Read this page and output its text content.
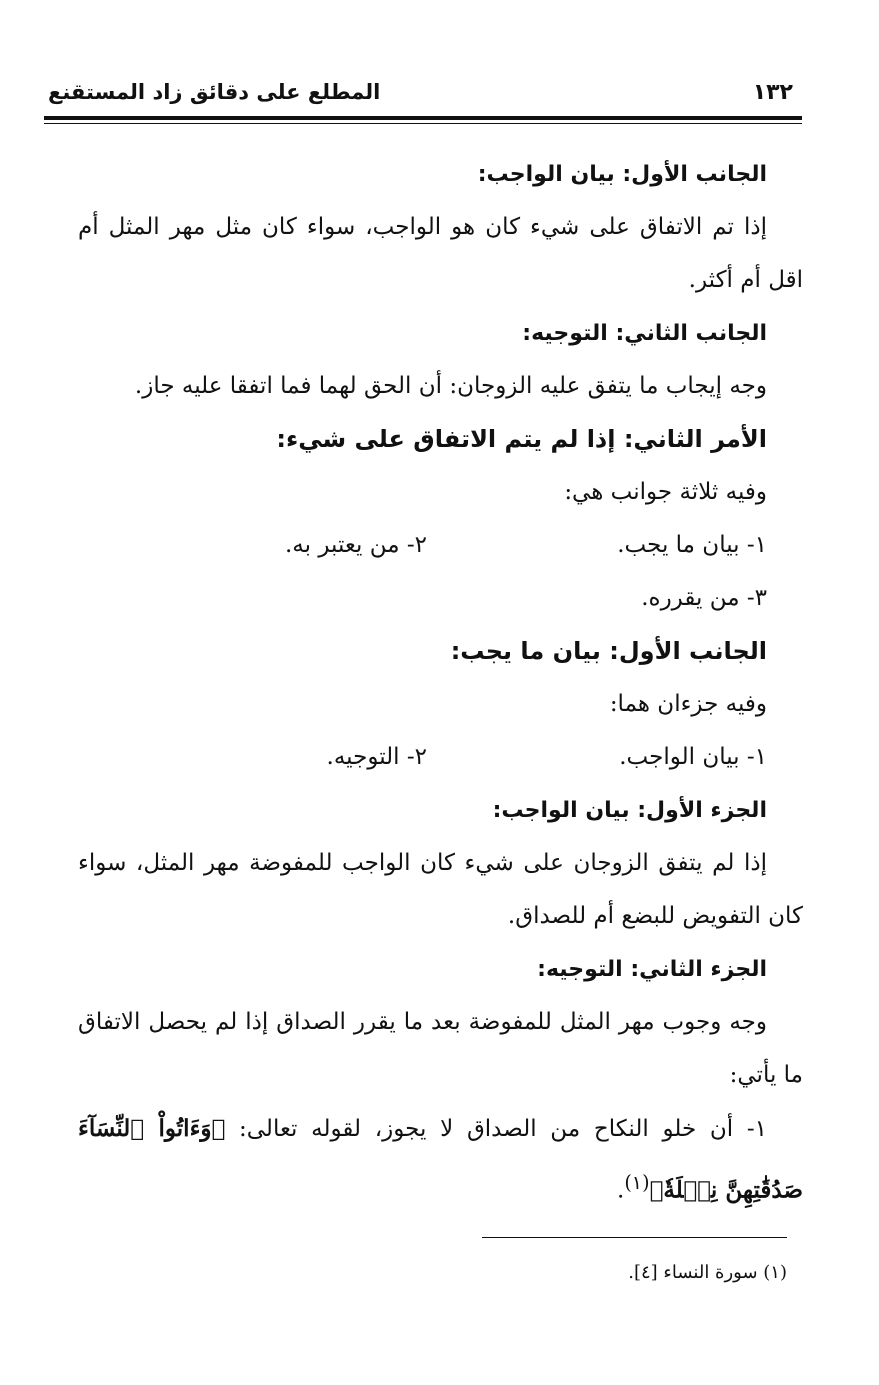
١٣٢
المطلع على دقائق زاد المستقنع
الجانب الأول: بيان الواجب:

إذا تم الاتفاق على شيء كان هو الواجب، سواء كان مثل مهر المثل أم اقل أم أكثر.

الجانب الثاني: التوجيه:

وجه إيجاب ما يتفق عليه الزوجان: أن الحق لهما فما اتفقا عليه جاز.

الأمر الثاني: إذا لم يتم الاتفاق على شيء:

وفيه ثلاثة جوانب هي:

١- بيان ما يجب.
٢- من يعتبر به.
٣- من يقرره.
الجانب الأول: بيان ما يجب:

وفيه جزءان هما:

١- بيان الواجب.
٢- التوجيه.
الجزء الأول: بيان الواجب:

إذا لم يتفق الزوجان على شيء كان الواجب للمفوضة مهر المثل، سواء كان التفويض للبضع أم للصداق.

الجزء الثاني: التوجيه:

وجه وجوب مهر المثل للمفوضة بعد ما يقرر الصداق إذا لم يحصل الاتفاق ما يأتي:

١- أن خلو النكاح من الصداق لا يجوز، لقوله تعالى: ﴿وَءَاتُواْ ٱلنِّسَآءَ صَدُقَٰتِهِنَّ نِحۡلَةٗ﴾$^{(١)}$.

(١) سورة النساء [٤].
